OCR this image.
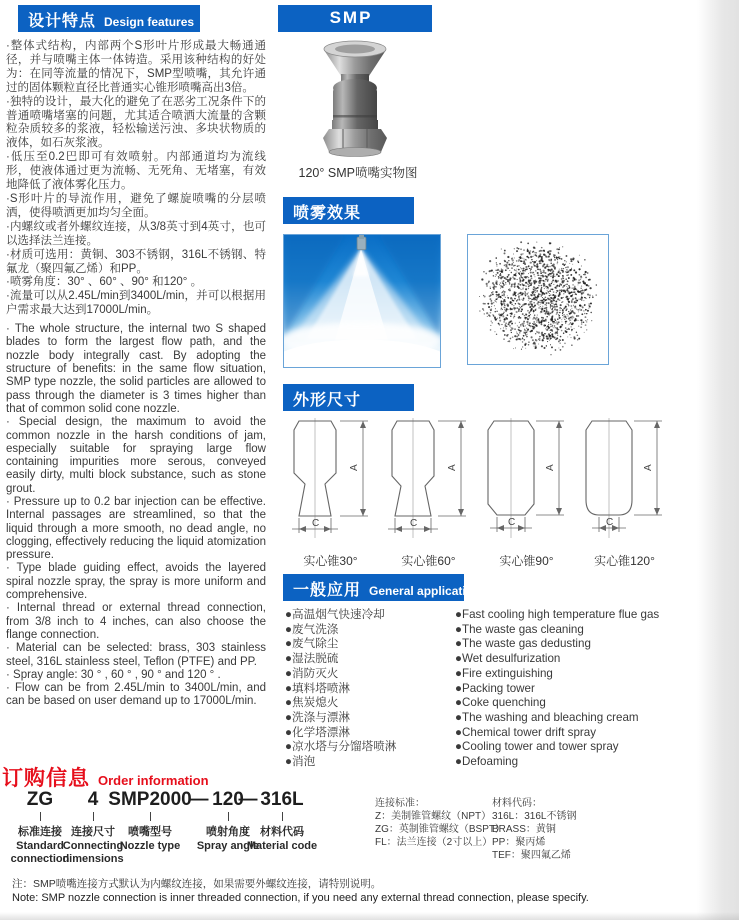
设计特点 Design features
·整体式结构，内部两个S形叶片形成最大畅通通径，并与喷嘴主体一体铸造。采用该种结构的好处为：在同等流量的情况下，SMP型喷嘴，其允许通过的固体颗粒直径比普通实心锥形喷嘴高出3倍。
·独特的设计，最大化的避免了在恶劣工况条件下的普通喷嘴堵塞的问题，尤其适合喷洒大流量的含颗粒杂质较多的浆液，轻松输送污浊、多块状物质的液体，如石灰浆液。
·低压至0.2巴即可有效喷射。内部通道均为流线形，使液体通过更为流畅、无死角、无堵塞，有效地降低了液体雾化压力。
·S形叶片的导流作用，避免了螺旋喷嘴的分层喷洒，使得喷洒更加均匀全面。
·内螺纹或者外螺纹连接，从3/8英寸到4英寸，也可以选择法兰连接。
·材质可选用：黄铜、303不锈钢，316L不锈钢、特氟龙（聚四氟乙烯）和PP。
·喷雾角度：30° 、60° 、90° 和120° 。
·流量可以从2.45L/min到3400L/min，并可以根据用户需求最大达到17000L/min。
· The whole structure, the internal two S shaped blades to form the largest flow path, and the nozzle body integrally cast. By adopting the structure of benefits: in the same flow situation, SMP type nozzle, the solid particles are allowed to pass through the diameter is 3 times higher than that of common solid cone nozzle.
· Special design, the maximum to avoid the common nozzle in the harsh conditions of jam, especially suitable for spraying large flow containing impurities more serous, conveyed easily dirty, multi block substance, such as stone grout.
· Pressure up to 0.2 bar injection can be effective. Internal passages are streamlined, so that the liquid through a more smooth, no dead angle, no clogging, effectively reducing the liquid atomization pressure.
· Type blade guiding effect, avoids the layered spiral nozzle spray, the spray is more uniform and comprehensive.
· Internal thread or external thread connection, from 3/8 inch to 4 inches, can also choose the flange connection.
· Material can be selected: brass, 303 stainless steel, 316L stainless steel, Teflon (PTFE) and PP.
· Spray angle: 30 ° , 60 ° , 90 ° and 120 ° .
· Flow can be from 2.45L/min to 3400L/min, and can be based on user demand up to 17000L/min.
SMP
120° SMP喷嘴实物图
喷雾效果
外形尺寸
A
C
实心锥30°
A
C
实心锥60°
A
C
实心锥90°
A
C
实心锥120°
一般应用 General application
●高温烟气快速冷却
●废气洗涤
●废气除尘
●湿法脱硫
●消防灭火
●填料塔喷淋
●焦炭熄火
●洗涤与漂淋
●化学塔漂淋
●凉水塔与分馏塔喷淋
●消泡
●Fast cooling high temperature flue gas
●The waste gas cleaning
●The waste gas dedusting
●Wet desulfurization
●Fire extinguishing
●Packing tower
●Coke quenching
●The washing and bleaching cream
●Chemical tower drift spray
●Cooling tower and tower spray
●Defoaming
订购信息 Order information
ZG
标准连接
Standard connection
4
连接尺寸
Connecting dimensions
SMP2000
喷嘴型号
Nozzle type
— 120
喷射角度
Spray angle
— 316L
材料代码
Material code
连接标准：
Z：美制锥管螺纹（NPT）
ZG：英制锥管螺纹（BSPT）
FL：法兰连接（2寸以上）
材料代码：
316L：316L不锈钢
BRASS：黄铜
PP：聚丙烯
TEF：聚四氟乙烯
注：SMP喷嘴连接方式默认为内螺纹连接，如果需要外螺纹连接，请特别说明。
Note: SMP nozzle connection is inner threaded connection, if you need any external thread connection, please specify.
